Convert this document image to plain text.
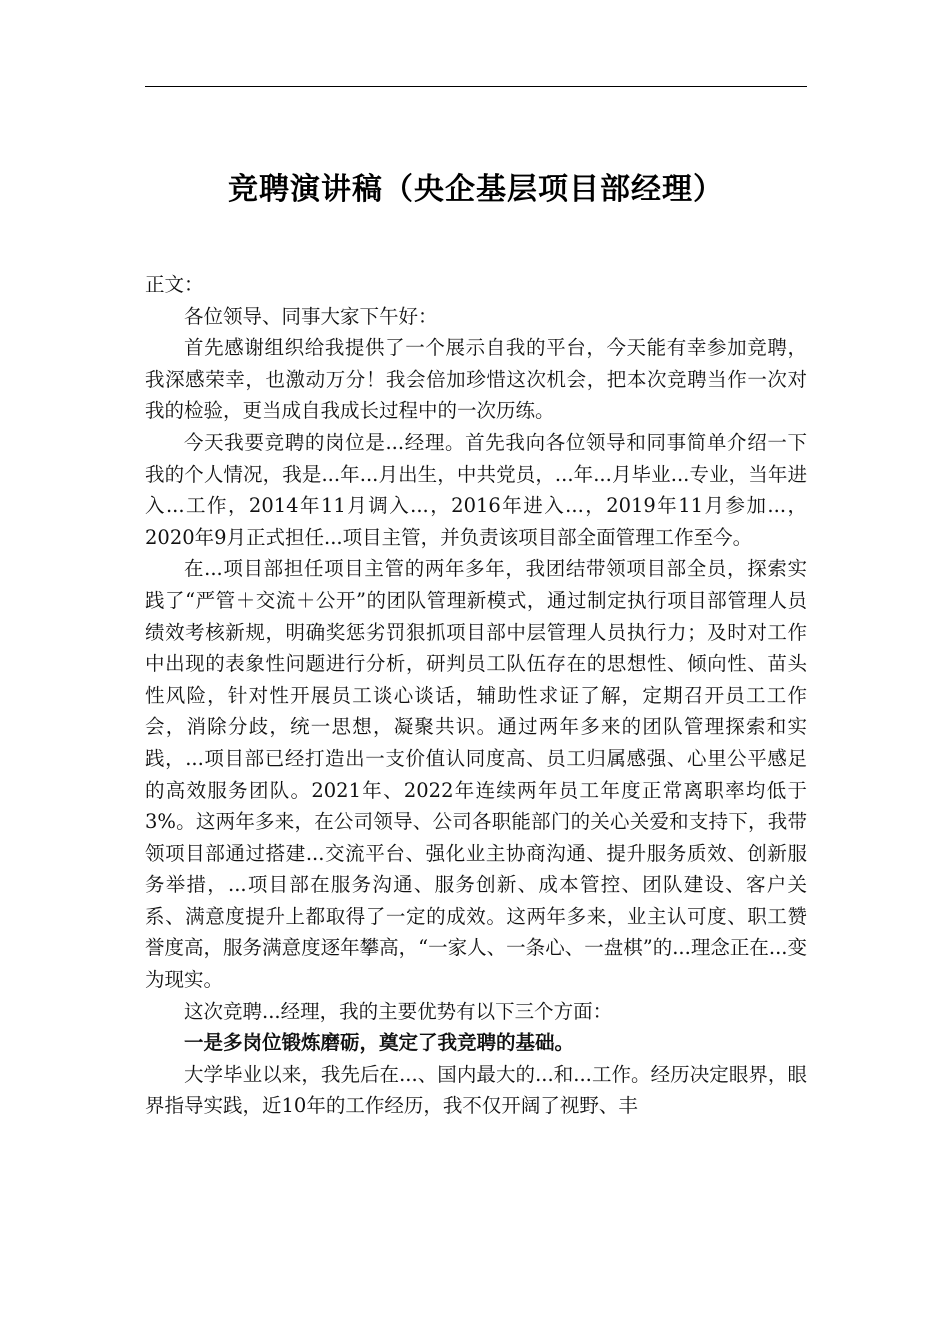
竞聘演讲稿（央企基层项目部经理）

正文：

各位领导、同事大家下午好：

首先感谢组织给我提供了一个展示自我的平台，今天能有幸参加竞聘，我深感荣幸，也激动万分！我会倍加珍惜这次机会，把本次竞聘当作一次对我的检验，更当成自我成长过程中的一次历练。

今天我要竞聘的岗位是...经理。首先我向各位领导和同事简单介绍一下我的个人情况，我是...年...月出生，中共党员，...年...月毕业...专业，当年进入...工作，2014年11月调入...，2016年进入...，2019年11月参加...，2020年9月正式担任...项目主管，并负责该项目部全面管理工作至今。

在...项目部担任项目主管的两年多年，我团结带领项目部全员，探索实践了“严管＋交流＋公开”的团队管理新模式，通过制定执行项目部管理人员绩效考核新规，明确奖惩劣罚狠抓项目部中层管理人员执行力；及时对工作中出现的表象性问题进行分析，研判员工队伍存在的思想性、倾向性、苗头性风险，针对性开展员工谈心谈话，辅助性求证了解，定期召开员工工作会，消除分歧，统一思想，凝聚共识。通过两年多来的团队管理探索和实践，...项目部已经打造出一支价值认同度高、员工归属感强、心里公平感足的高效服务团队。2021年、2022年连续两年员工年度正常离职率均低于3%。这两年多来，在公司领导、公司各职能部门的关心关爱和支持下，我带领项目部通过搭建...交流平台、强化业主协商沟通、提升服务质效、创新服务举措，...项目部在服务沟通、服务创新、成本管控、团队建设、客户关系、满意度提升上都取得了一定的成效。这两年多来，业主认可度、职工赞誉度高，服务满意度逐年攀高，“一家人、一条心、一盘棋”的...理念正在...变为现实。

这次竞聘...经理，我的主要优势有以下三个方面：

一是多岗位锻炼磨砺，奠定了我竞聘的基础。

大学毕业以来，我先后在...、国内最大的...和...工作。经历决定眼界，眼界指导实践，近10年的工作经历，我不仅开阔了视野、丰
